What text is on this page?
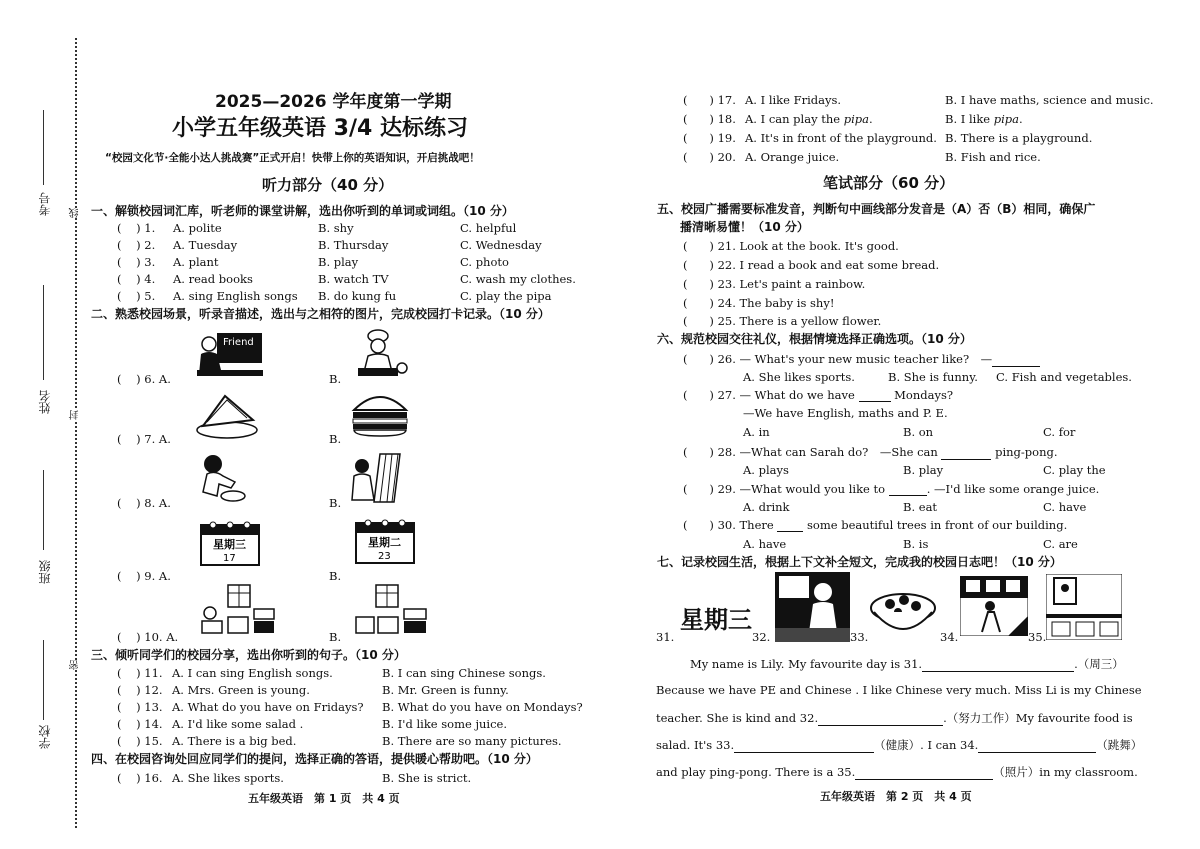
考号
姓名
班级
学校
线
封
密
2025—2026 学年度第一学期
小学五年级英语 3/4 达标练习
“校园文化节·全能小达人挑战赛”正式开启！快带上你的英语知识，开启挑战吧！
听力部分（40 分）
一、解锁校园词汇库，听老师的课堂讲解，选出你听到的单词或词组。（10 分）
(    ) 1. A. polite	B. shy	C. helpful
(    ) 2. A. Tuesday	B. Thursday	C. Wednesday
(    ) 3. A. plant	B. play	C. photo
(    ) 4. A. read books	B. watch TV	C. wash my clothes.
(    ) 5. A. sing English songs B. do kung fu	C. play the pipa
二、熟悉校园场景，听录音描述，选出与之相符的图片，完成校园打卡记录。（10 分）
(    ) 6. A.	B.
(    ) 7. A.	B.
(    ) 8. A.	B.
(    ) 9. A.	B.
(    ) 10. A.	B.
Friend
星期三
17
星期二
23
三、倾听同学们的校园分享，选出你听到的句子。（10 分）
(    ) 11. A. I can sing English songs.	B. I can sing Chinese songs.
(    ) 12. A. Mrs. Green is young.	B. Mr. Green is funny.
(    ) 13. A. What do you have on Fridays? B. What do you have on Mondays?
(    ) 14. A. I'd like some salad .	B. I'd like some juice.
(    ) 15. A. There is a big bed.	B. There are so many pictures.
四、在校园咨询处回应同学们的提问，选择正确的答语，提供暖心帮助吧。（10 分）
(    ) 16. A. She likes sports.	B. She is strict.
五年级英语　第 1 页　共 4 页
(      ) 17. A. I like Fridays.	B. I have maths, science and music.
(      ) 18. A. I can play the pipa.	B. I like pipa.
(      ) 19. A. It's in front of the playground. B. There is a playground.
(      ) 20. A. Orange juice.	B. Fish and rice.
笔试部分（60 分）
五、校园广播需要标准发音，判断句中画线部分发音是（A）否（B）相同，确保广
播清晰易懂！（10 分）
(      ) 21. Look at the book. It's good.
(      ) 22. I read a book and eat some bread.
(      ) 23. Let's paint a rainbow.
(      ) 24. The baby is shy!
(      ) 25. There is a yellow flower.
六、规范校园交往礼仪，根据情境选择正确选项。（10 分）
(      ) 26. — What's your new music teacher like?　—
A. She likes sports.	B. She is funny. C. Fish and vegetables.
(      ) 27. — What do we have	Mondays?
—We have English, maths and P. E.
A. in	B. on	C. for
(      ) 28. —What can Sarah do?　—She can	ping-pong.
A. plays	B. play	C. play the
(      ) 29. —What would you like to	. —I'd like some orange juice.
A. drink	B. eat	C. have
(      ) 30. There	some beautiful trees in front of our building.
A. have	B. is	C. are
七、记录校园生活，根据上下文补全短文，完成我的校园日志吧！（10 分）
31.
星期三
32.	33.	34.	35.
My name is Lily. My favourite day is 31.	.（周三）
Because we have PE and Chinese . I like Chinese very much. Miss Li is my Chinese
teacher. She is kind and 32.	.（努力工作）My favourite food is
salad. It's 33.	（健康）. I can 34.	（跳舞）
and play ping-pong. There is a 35.	（照片）in my classroom.
五年级英语　第 2 页　共 4 页
